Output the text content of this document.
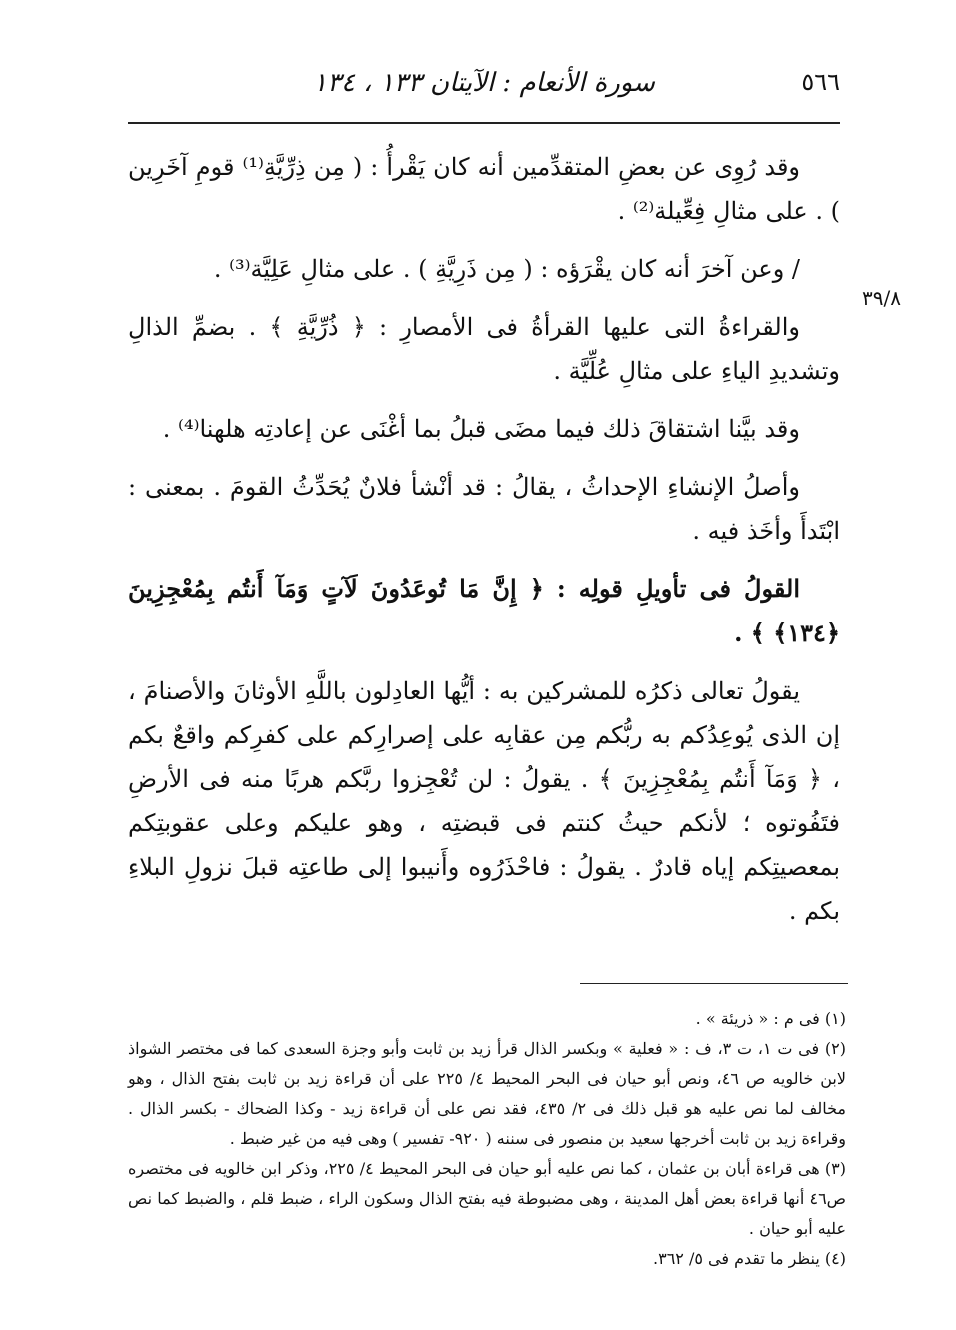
٥٦٦
سورة الأنعام : الآيتان ١٣٣ ، ١٣٤
٣٩/٨

وقد رُوِى عن بعضِ المتقدِّمين أنه كان يَقْرأُ : ( مِن ذِرِّيَّةِ⁽¹⁾ قومِ آخَرِين ) . على مثالِ فِعِّيلة⁽²⁾ .

/ وعن آخرَ أنه كان يقْرَؤه : ( مِن ذَرِيَّةِ ) . على مثالِ عَلِيَّة⁽³⁾ .

والقراءةُ التى عليها القرأةُ فى الأمصارِ : ﴿ ذُرِّيَّةِ ﴾ . بضمِّ الذالِ وتشديدِ الياءِ على مثالِ عُلِّيَّة .

وقد بيَّنا اشتقاقَ ذلك فيما مضَى قبلُ بما أغْنَى عن إعادتِه هلهنا⁽⁴⁾ .

وأصلُ الإنشاءِ الإحداثُ ، يقالُ : قد أنْشأ فلانٌ يُحَدِّثُ القومَ . بمعنى : ابْتَدأَ وأخَذ فيه .

القولُ فى تأويلِ قولِه : ﴿ إِنَّ مَا تُوعَدُونَ لَآتٍ وَمَآ أَنتُم بِمُعْجِزِينَ ﴿١٣٤﴾ ﴾ .

يقولُ تعالى ذكرُه للمشركين به : أيُّها العادِلون باللَّهِ الأوثانَ والأصنامَ ، إن الذى يُوعِدُكم به ربُّكم مِن عقابِه على إصرارِكم على كفرِكم واقعٌ بكم ، ﴿ وَمَآ أَنتُم بِمُعْجِزِينَ ﴾ . يقولُ : لن تُعْجِزوا ربَّكم هربًا منه فى الأرضِ فتَفُوتوه ؛ لأنكم حيثُ كنتم فى قبضتِه ، وهو عليكم وعلى عقوبتِكم بمعصيتِكم إياه قادرٌ . يقولُ : فاحْذَرُوه وأَنيبوا إلى طاعتِه قبلَ نزولِ البلاءِ بكم .

(١) فى م : « ذريئة » .

(٢) فى ت ١، ت ٣، ف : « فعلية » وبكسر الذال قرأ زيد بن ثابت وأبو وجزة السعدى كما فى مختصر الشواذ لابن خالويه ص ٤٦، ونص أبو حيان فى البحر المحيط ٤/ ٢٢٥ على أن قراءة زيد بن ثابت بفتح الذال ، وهو مخالف لما نص عليه هو قبل ذلك فى ٢/ ٤٣٥، فقد نص على أن قراءة زيد - وكذا الضحاك - بكسر الذال . وقراءة زيد بن ثابت أخرجها سعيد بن منصور فى سننه ( ٩٢٠- تفسير ) وهى فيه من غير ضبط .

(٣) هى قراءة أبان بن عثمان ، كما نص عليه أبو حيان فى البحر المحيط ٤/ ٢٢٥، وذكر ابن خالويه فى مختصره ص٤٦ أنها قراءة بعض أهل المدينة ، وهى مضبوطة فيه بفتح الذال وسكون الراء ، ضبط قلم ، والضبط كما نص عليه أبو حيان .

(٤) ينظر ما تقدم فى ٥/ ٣٦٢.
